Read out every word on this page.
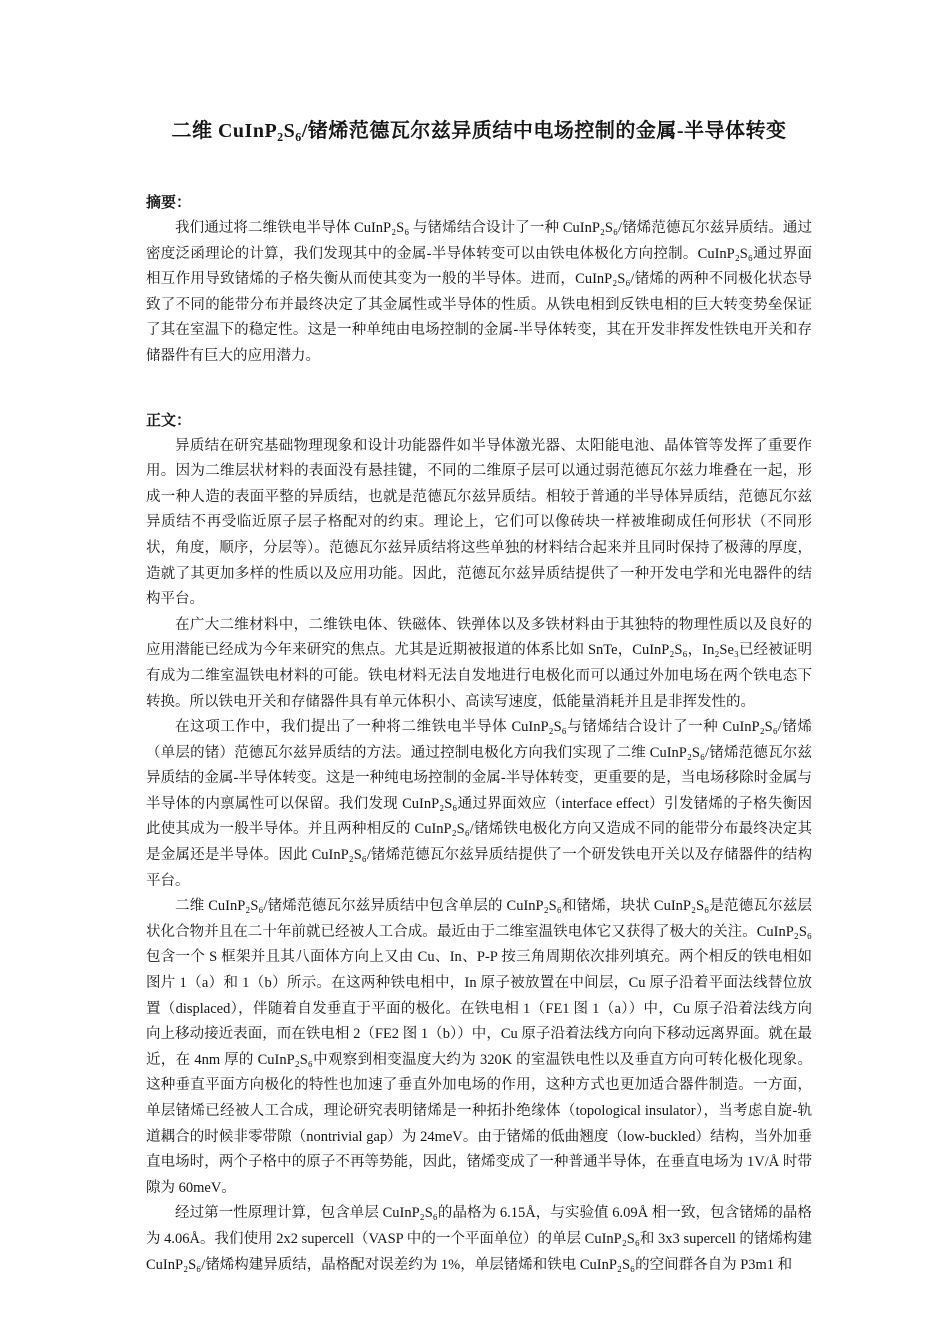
二维 CuInP₂S₆/锗烯范德瓦尔兹异质结中电场控制的金属-半导体转变
摘要：

我们通过将二维铁电半导体 CuInP₂S₆ 与锗烯结合设计了一种 CuInP₂S₆/锗烯范德瓦尔兹异质结。通过密度泛函理论的计算，我们发现其中的金属-半导体转变可以由铁电体极化方向控制。CuInP₂S₆通过界面相互作用导致锗烯的子格失衡从而使其变为一般的半导体。进而，CuInP₂S₆/锗烯的两种不同极化状态导致了不同的能带分布并最终决定了其金属性或半导体的性质。从铁电相到反铁电相的巨大转变势垒保证了其在室温下的稳定性。这是一种单纯由电场控制的金属-半导体转变，其在开发非挥发性铁电开关和存储器件有巨大的应用潜力。

正文：

异质结在研究基础物理现象和设计功能器件如半导体激光器、太阳能电池、晶体管等发挥了重要作用。因为二维层状材料的表面没有悬挂键，不同的二维原子层可以通过弱范德瓦尔兹力堆叠在一起，形成一种人造的表面平整的异质结，也就是范德瓦尔兹异质结。相较于普通的半导体异质结，范德瓦尔兹异质结不再受临近原子层子格配对的约束。理论上，它们可以像砖块一样被堆砌成任何形状（不同形状，角度，顺序，分层等）。范德瓦尔兹异质结将这些单独的材料结合起来并且同时保持了极薄的厚度，造就了其更加多样的性质以及应用功能。因此，范德瓦尔兹异质结提供了一种开发电学和光电器件的结构平台。

在广大二维材料中，二维铁电体、铁磁体、铁弹体以及多铁材料由于其独特的物理性质以及良好的应用潜能已经成为今年来研究的焦点。尤其是近期被报道的体系比如 SnTe，CuInP₂S₆，In₂Se₃已经被证明有成为二维室温铁电材料的可能。铁电材料无法自发地进行电极化而可以通过外加电场在两个铁电态下转换。所以铁电开关和存储器件具有单元体积小、高读写速度，低能量消耗并且是非挥发性的。

在这项工作中，我们提出了一种将二维铁电半导体 CuInP₂S₆与锗烯结合设计了一种 CuInP₂S₆/锗烯（单层的锗）范德瓦尔兹异质结的方法。通过控制电极化方向我们实现了二维 CuInP₂S₆/锗烯范德瓦尔兹异质结的金属-半导体转变。这是一种纯电场控制的金属-半导体转变，更重要的是，当电场移除时金属与半导体的内禀属性可以保留。我们发现 CuInP₂S₆通过界面效应（interface effect）引发锗烯的子格失衡因此使其成为一般半导体。并且两种相反的 CuInP₂S₆/锗烯铁电极化方向又造成不同的能带分布最终决定其是金属还是半导体。因此 CuInP₂S₆/锗烯范德瓦尔兹异质结提供了一个研发铁电开关以及存储器件的结构平台。

二维 CuInP₂S₆/锗烯范德瓦尔兹异质结中包含单层的 CuInP₂S₆和锗烯，块状 CuInP₂S₆是范德瓦尔兹层状化合物并且在二十年前就已经被人工合成。最近由于二维室温铁电体它又获得了极大的关注。CuInP₂S₆包含一个 S 框架并且其八面体方向上又由 Cu、In、P-P 按三角周期依次排列填充。两个相反的铁电相如图片 1（a）和 1（b）所示。在这两种铁电相中，In 原子被放置在中间层，Cu 原子沿着平面法线替位放置（displaced），伴随着自发垂直于平面的极化。在铁电相 1（FE1 图 1（a））中，Cu 原子沿着法线方向向上移动接近表面，而在铁电相 2（FE2 图 1（b））中，Cu 原子沿着法线方向向下移动远离界面。就在最近，在 4nm 厚的 CuInP₂S₆中观察到相变温度大约为 320K 的室温铁电性以及垂直方向可转化极化现象。这种垂直平面方向极化的特性也加速了垂直外加电场的作用，这种方式也更加适合器件制造。一方面，单层锗烯已经被人工合成，理论研究表明锗烯是一种拓扑绝缘体（topological insulator），当考虑自旋-轨道耦合的时候非零带隙（nontrivial gap）为 24meV。由于锗烯的低曲翘度（low-buckled）结构，当外加垂直电场时，两个子格中的原子不再等势能，因此，锗烯变成了一种普通半导体，在垂直电场为 1V/Å 时带隙为 60meV。

经过第一性原理计算，包含单层 CuInP₂S₆的晶格为 6.15Å，与实验值 6.09Å 相一致，包含锗烯的晶格为 4.06Å。我们使用 2x2 supercell（VASP 中的一个平面单位）的单层 CuInP₂S₆和 3x3 supercell 的锗烯构建 CuInP₂S₆/锗烯构建异质结，晶格配对误差约为 1%，单层锗烯和铁电 CuInP₂S₆的空间群各自为 P3m1 和
